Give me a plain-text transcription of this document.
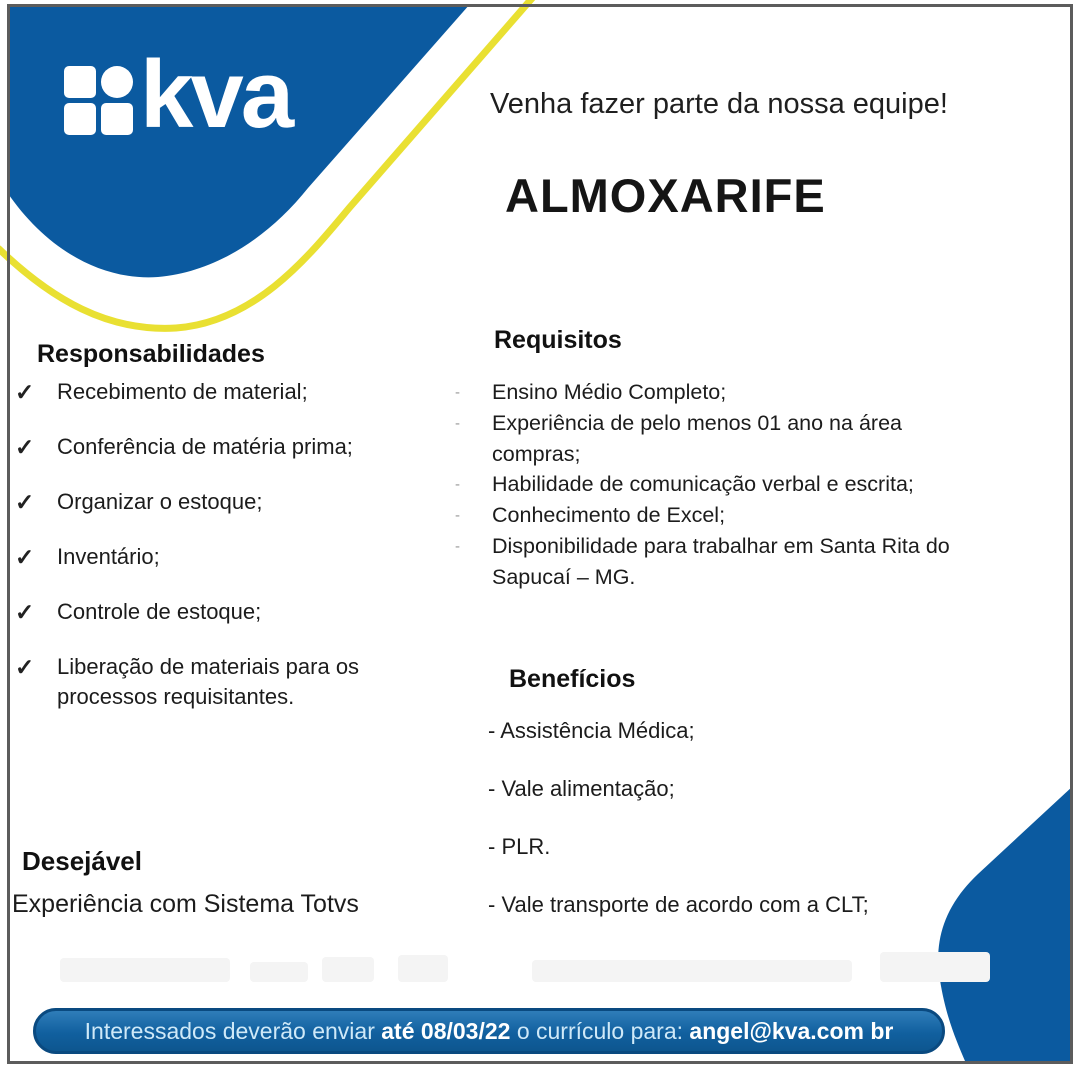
kva	Venha fazer parte da nossa equipe!
ALMOXARIFE
Responsabilidades
✓	Recebimento de material;
✓	Conferência de matéria prima;
✓	Organizar o estoque;
✓	Inventário;
✓	Controle de estoque;
✓	Liberação de materiais para os processos requisitantes.
Requisitos
-	Ensino Médio Completo;
-	Experiência de pelo menos 01 ano na área compras;
-	Habilidade de comunicação verbal e escrita;
-	Conhecimento de Excel;
-	Disponibilidade para trabalhar em Santa Rita do Sapucaí – MG.
Benefícios
- Assistência Médica;
- Vale alimentação;
- PLR.
- Vale transporte de acordo com a CLT;
Desejável
Experiência com Sistema Totvs
Interessados deverão enviar até 08/03/22 o currículo para: angel@kva.com br
